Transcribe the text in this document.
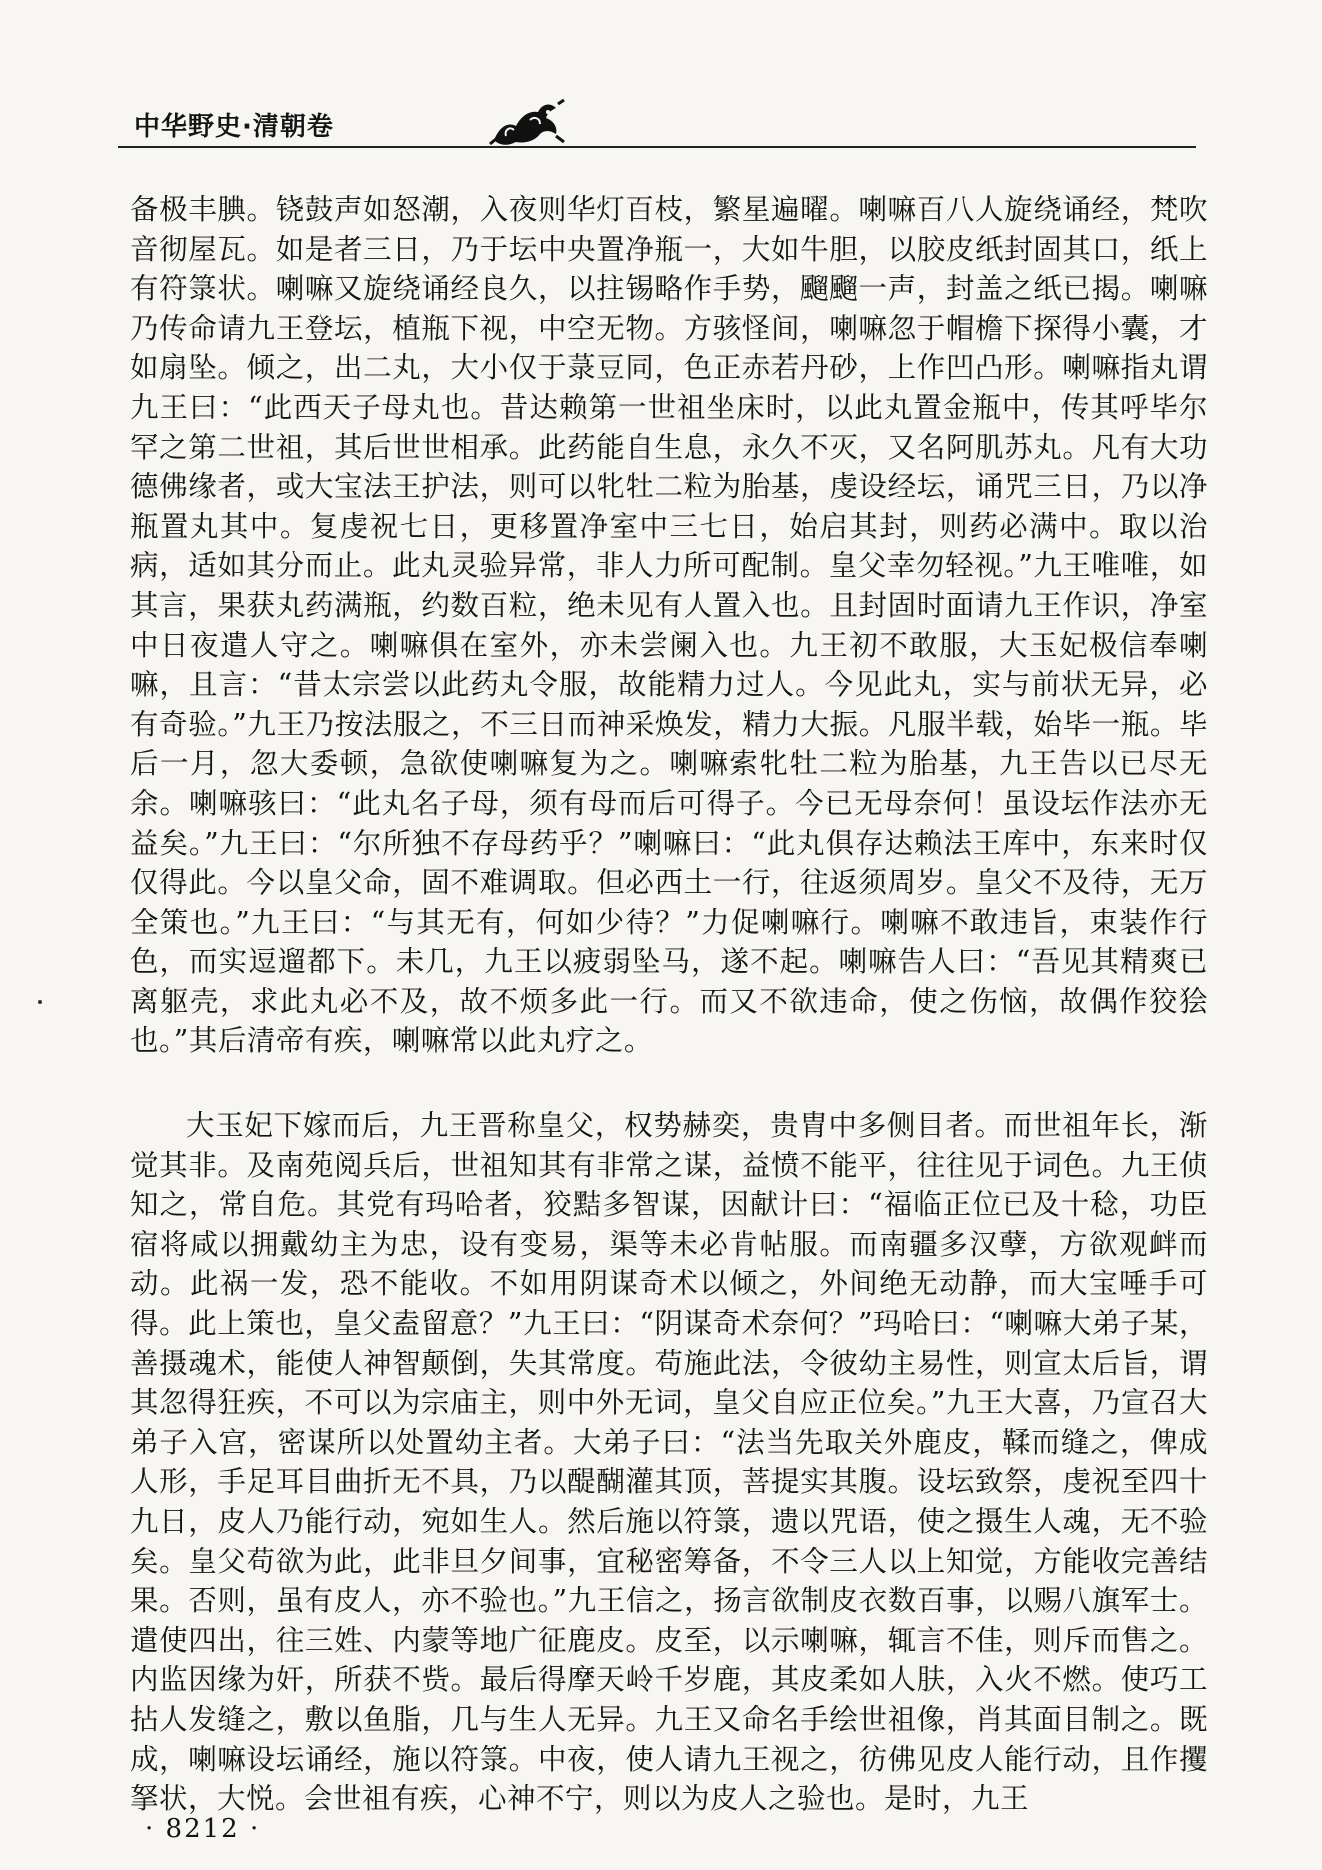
中华野史·清朝卷

备极丰腆。铙鼓声如怒潮，入夜则华灯百枝，繁星遍曜。喇嘛百八人旋绕诵经，梵吹音彻屋瓦。如是者三日，乃于坛中央置净瓶一，大如牛胆，以胶皮纸封固其口，纸上有符箓状。喇嘛又旋绕诵经良久，以拄锡略作手势，飀飀一声，封盖之纸已揭。喇嘛乃传命请九王登坛，植瓶下视，中空无物。方骇怪间，喇嘛忽于帽檐下探得小囊，才如扇坠。倾之，出二丸，大小仅于菉豆同，色正赤若丹砂，上作凹凸形。喇嘛指丸谓九王曰：“此西天子母丸也。昔达赖第一世祖坐床时，以此丸置金瓶中，传其呼毕尔罕之第二世祖，其后世世相承。此药能自生息，永久不灭，又名阿肌苏丸。凡有大功德佛缘者，或大宝法王护法，则可以牝牡二粒为胎基，虔设经坛，诵咒三日，乃以净瓶置丸其中。复虔祝七日，更移置净室中三七日，始启其封，则药必满中。取以治病，适如其分而止。此丸灵验异常，非人力所可配制。皇父幸勿轻视。”九王唯唯，如其言，果获丸药满瓶，约数百粒，绝未见有人置入也。且封固时面请九王作识，净室中日夜遣人守之。喇嘛俱在室外，亦未尝阑入也。九王初不敢服，大玉妃极信奉喇嘛，且言：“昔太宗尝以此药丸令服，故能精力过人。今见此丸，实与前状无异，必有奇验。”九王乃按法服之，不三日而神采焕发，精力大振。凡服半载，始毕一瓶。毕后一月，忽大委顿，急欲使喇嘛复为之。喇嘛索牝牡二粒为胎基，九王告以已尽无余。喇嘛骇曰：“此丸名子母，须有母而后可得子。今已无母奈何！虽设坛作法亦无益矣。”九王曰：“尔所独不存母药乎？”喇嘛曰：“此丸俱存达赖法王库中，东来时仅仅得此。今以皇父命，固不难调取。但必西土一行，往返须周岁。皇父不及待，无万全策也。”九王曰：“与其无有，何如少待？”力促喇嘛行。喇嘛不敢违旨，束装作行色，而实逗遛都下。未几，九王以疲弱坠马，遂不起。喇嘛告人曰：“吾见其精爽已离躯壳，求此丸必不及，故不烦多此一行。而又不欲违命，使之伤恼，故偶作狡狯也。”其后清帝有疾，喇嘛常以此丸疗之。

大玉妃下嫁而后，九王晋称皇父，权势赫奕，贵胄中多侧目者。而世祖年长，渐觉其非。及南苑阅兵后，世祖知其有非常之谋，益愤不能平，往往见于词色。九王侦知之，常自危。其党有玛哈者，狡黠多智谋，因献计曰：“福临正位已及十稔，功臣宿将咸以拥戴幼主为忠，设有变易，渠等未必肯帖服。而南疆多汉孽，方欲观衅而动。此祸一发，恐不能收。不如用阴谋奇术以倾之，外间绝无动静，而大宝唾手可得。此上策也，皇父盍留意？”九王曰：“阴谋奇术奈何？”玛哈曰：“喇嘛大弟子某，善摄魂术，能使人神智颠倒，失其常度。苟施此法，令彼幼主易性，则宣太后旨，谓其忽得狂疾，不可以为宗庙主，则中外无词，皇父自应正位矣。”九王大喜，乃宣召大弟子入宫，密谋所以处置幼主者。大弟子曰：“法当先取关外鹿皮，鞣而缝之，俾成人形，手足耳目曲折无不具，乃以醍醐灌其顶，菩提实其腹。设坛致祭，虔祝至四十九日，皮人乃能行动，宛如生人。然后施以符箓，遗以咒语，使之摄生人魂，无不验矣。皇父苟欲为此，此非旦夕间事，宜秘密筹备，不令三人以上知觉，方能收完善结果。否则，虽有皮人，亦不验也。”九王信之，扬言欲制皮衣数百事，以赐八旗军士。遣使四出，往三姓、内蒙等地广征鹿皮。皮至，以示喇嘛，辄言不佳，则斥而售之。内监因缘为奸，所获不赀。最后得摩天岭千岁鹿，其皮柔如人肤，入火不燃。使巧工拈人发缝之，敷以鱼脂，几与生人无异。九王又命名手绘世祖像，肖其面目制之。既成，喇嘛设坛诵经，施以符箓。中夜，使人请九王视之，彷佛见皮人能行动，且作攫拏状，大悦。会世祖有疾，心神不宁，则以为皮人之验也。是时，九王

· 8212 ·
